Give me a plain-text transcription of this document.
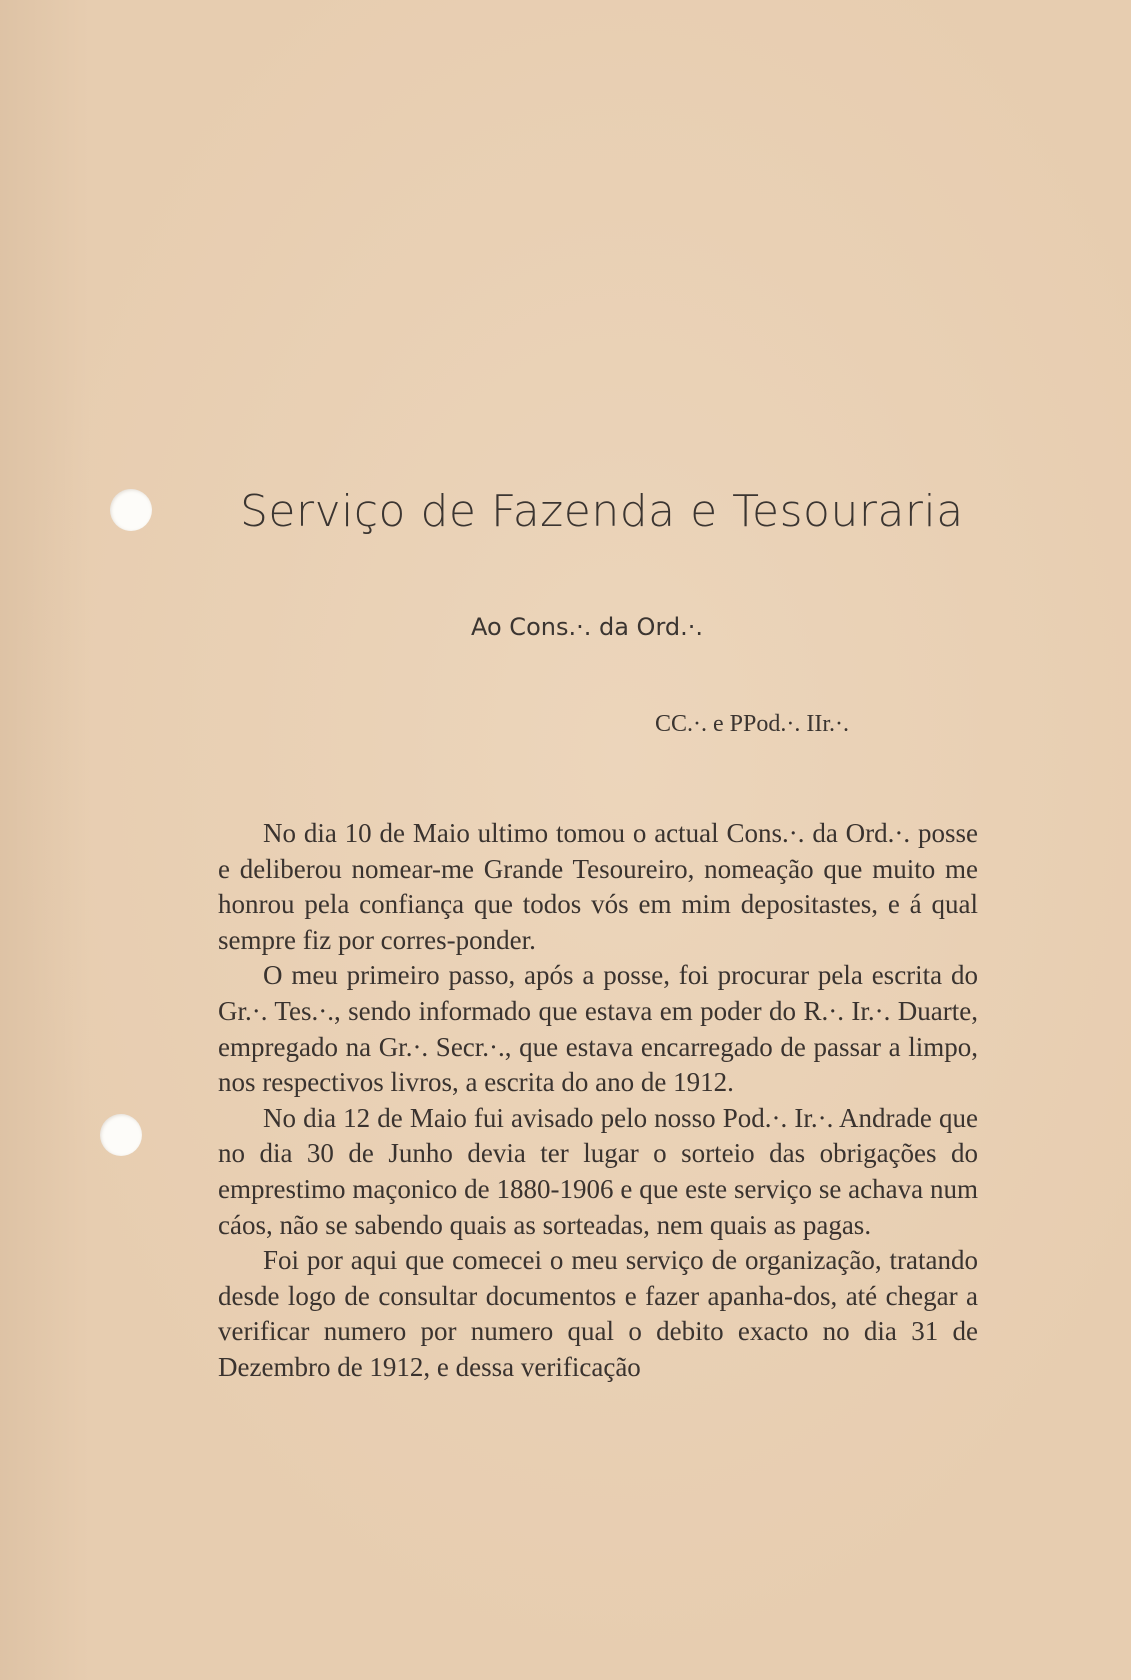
Serviço de Fazenda e Tesouraria
Ao Cons.·. da Ord.·.
CC.·. e PPod.·. IIr.·.

No dia 10 de Maio ultimo tomou o actual Cons.·. da Ord.·. posse e deliberou nomear-me Grande Tesoureiro, nomeação que muito me honrou pela confiança que todos vós em mim depositastes, e á qual sempre fiz por corres-ponder.

O meu primeiro passo, após a posse, foi procurar pela escrita do Gr.·. Tes.·., sendo informado que estava em poder do R.·. Ir.·. Duarte, empregado na Gr.·. Secr.·., que estava encarregado de passar a limpo, nos respectivos livros, a escrita do ano de 1912.

No dia 12 de Maio fui avisado pelo nosso Pod.·. Ir.·. Andrade que no dia 30 de Junho devia ter lugar o sorteio das obrigações do emprestimo maçonico de 1880-1906 e que este serviço se achava num cáos, não se sabendo quais as sorteadas, nem quais as pagas.

Foi por aqui que comecei o meu serviço de organização, tratando desde logo de consultar documentos e fazer apanha-dos, até chegar a verificar numero por numero qual o debito exacto no dia 31 de Dezembro de 1912, e dessa verificação
